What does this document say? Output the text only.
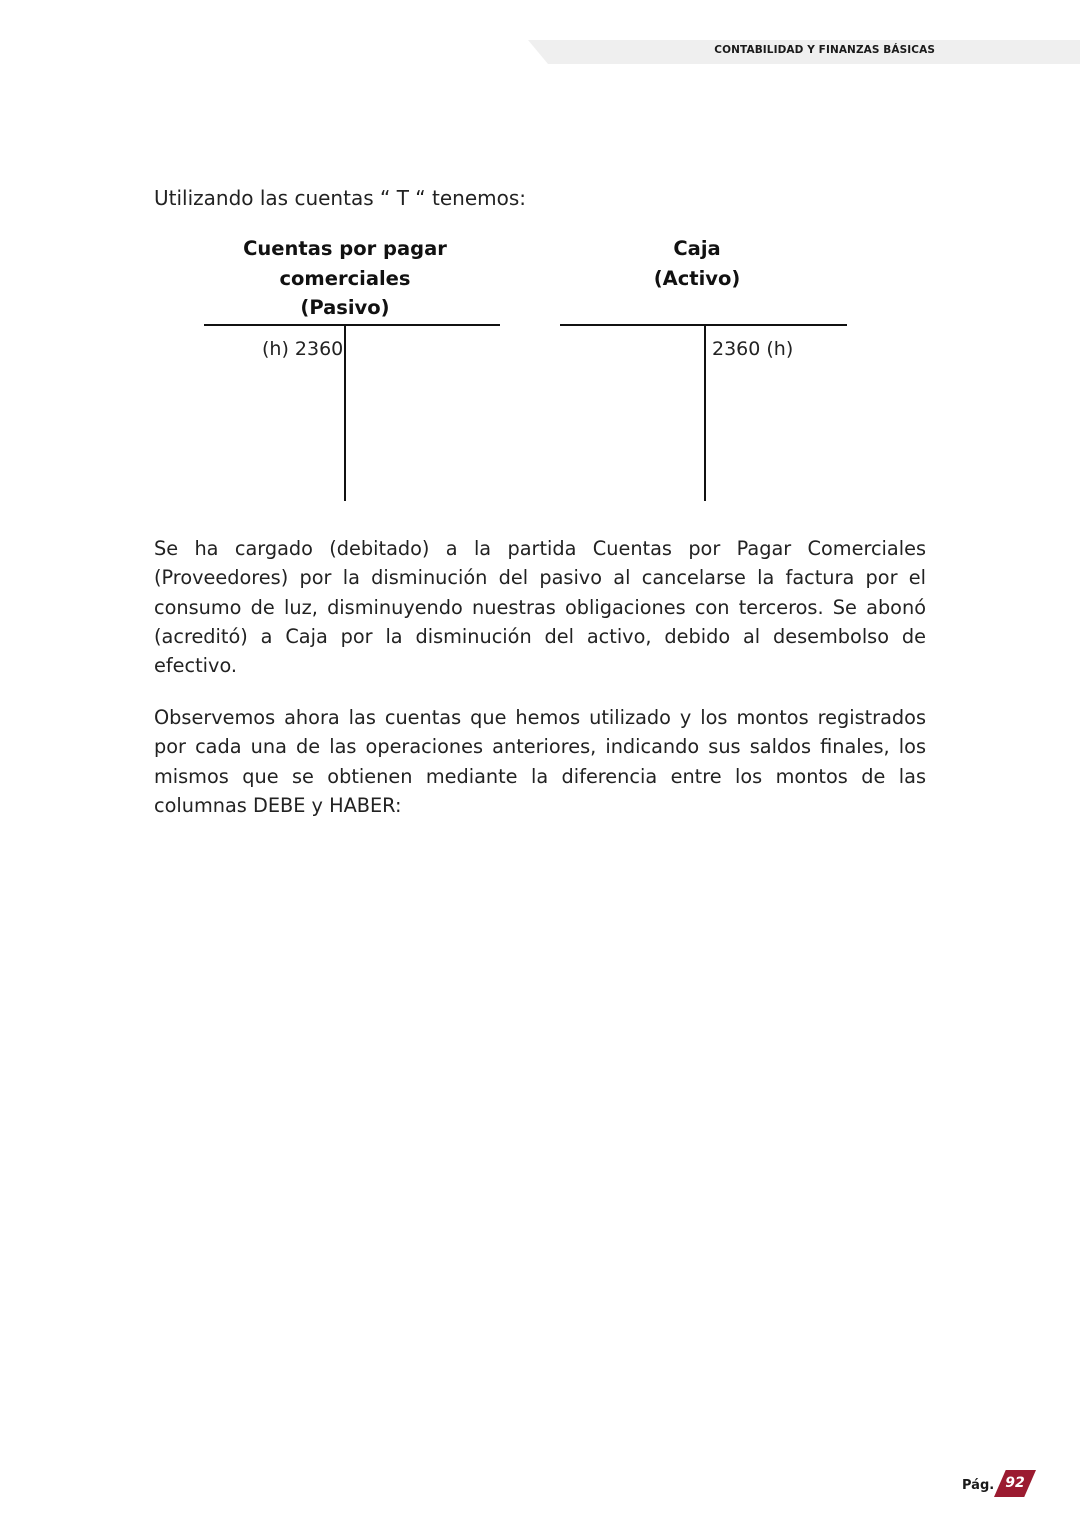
CONTABILIDAD Y FINANZAS BÁSICAS
Utilizando las cuentas “ T “ tenemos:
Cuentas por pagar
comerciales
(Pasivo)
(h) 2360
Caja
(Activo)
2360 (h)

Se ha cargado (debitado) a la partida Cuentas por Pagar Comerciales (Proveedores) por la disminución del pasivo al cancelarse la factura por el consumo de luz, disminuyendo nuestras obligaciones con terceros. Se abonó (acreditó) a Caja por la disminución del activo, debido al desembolso de efectivo.

Observemos ahora las cuentas que hemos utilizado y los montos registrados por cada una de las operaciones anteriores, indicando sus saldos finales, los mismos que se obtienen mediante la diferencia entre los montos de las columnas DEBE y HABER:

Pág. 92
